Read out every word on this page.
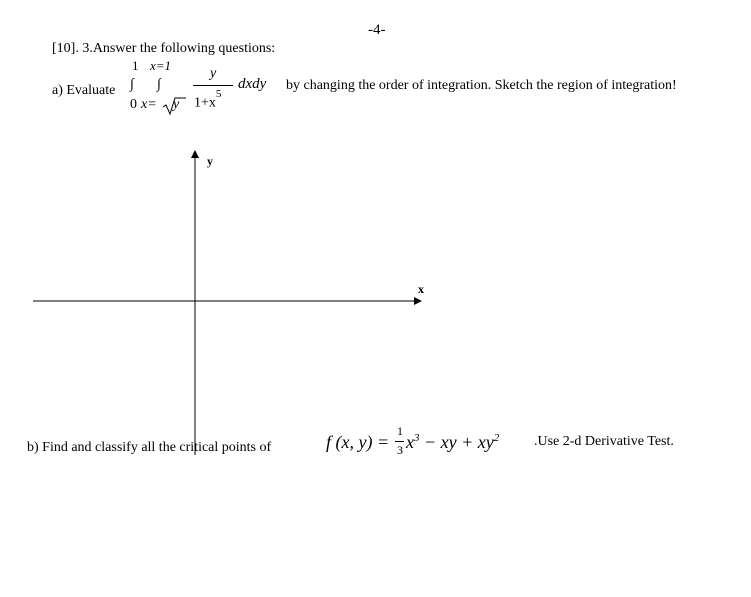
-4-
[10]. 3.Answer the following questions:
a) Evaluate
1
∫
0
x=1
∫
x= y
y
$1+x^5$
dxdy by changing the order of integration. Sketch the region of integration!
x
y
b) Find and classify all the critical points of	f (x, y) =
1
3 $x^3$ − xy + $xy^2$ .Use 2-d Derivative Test.
